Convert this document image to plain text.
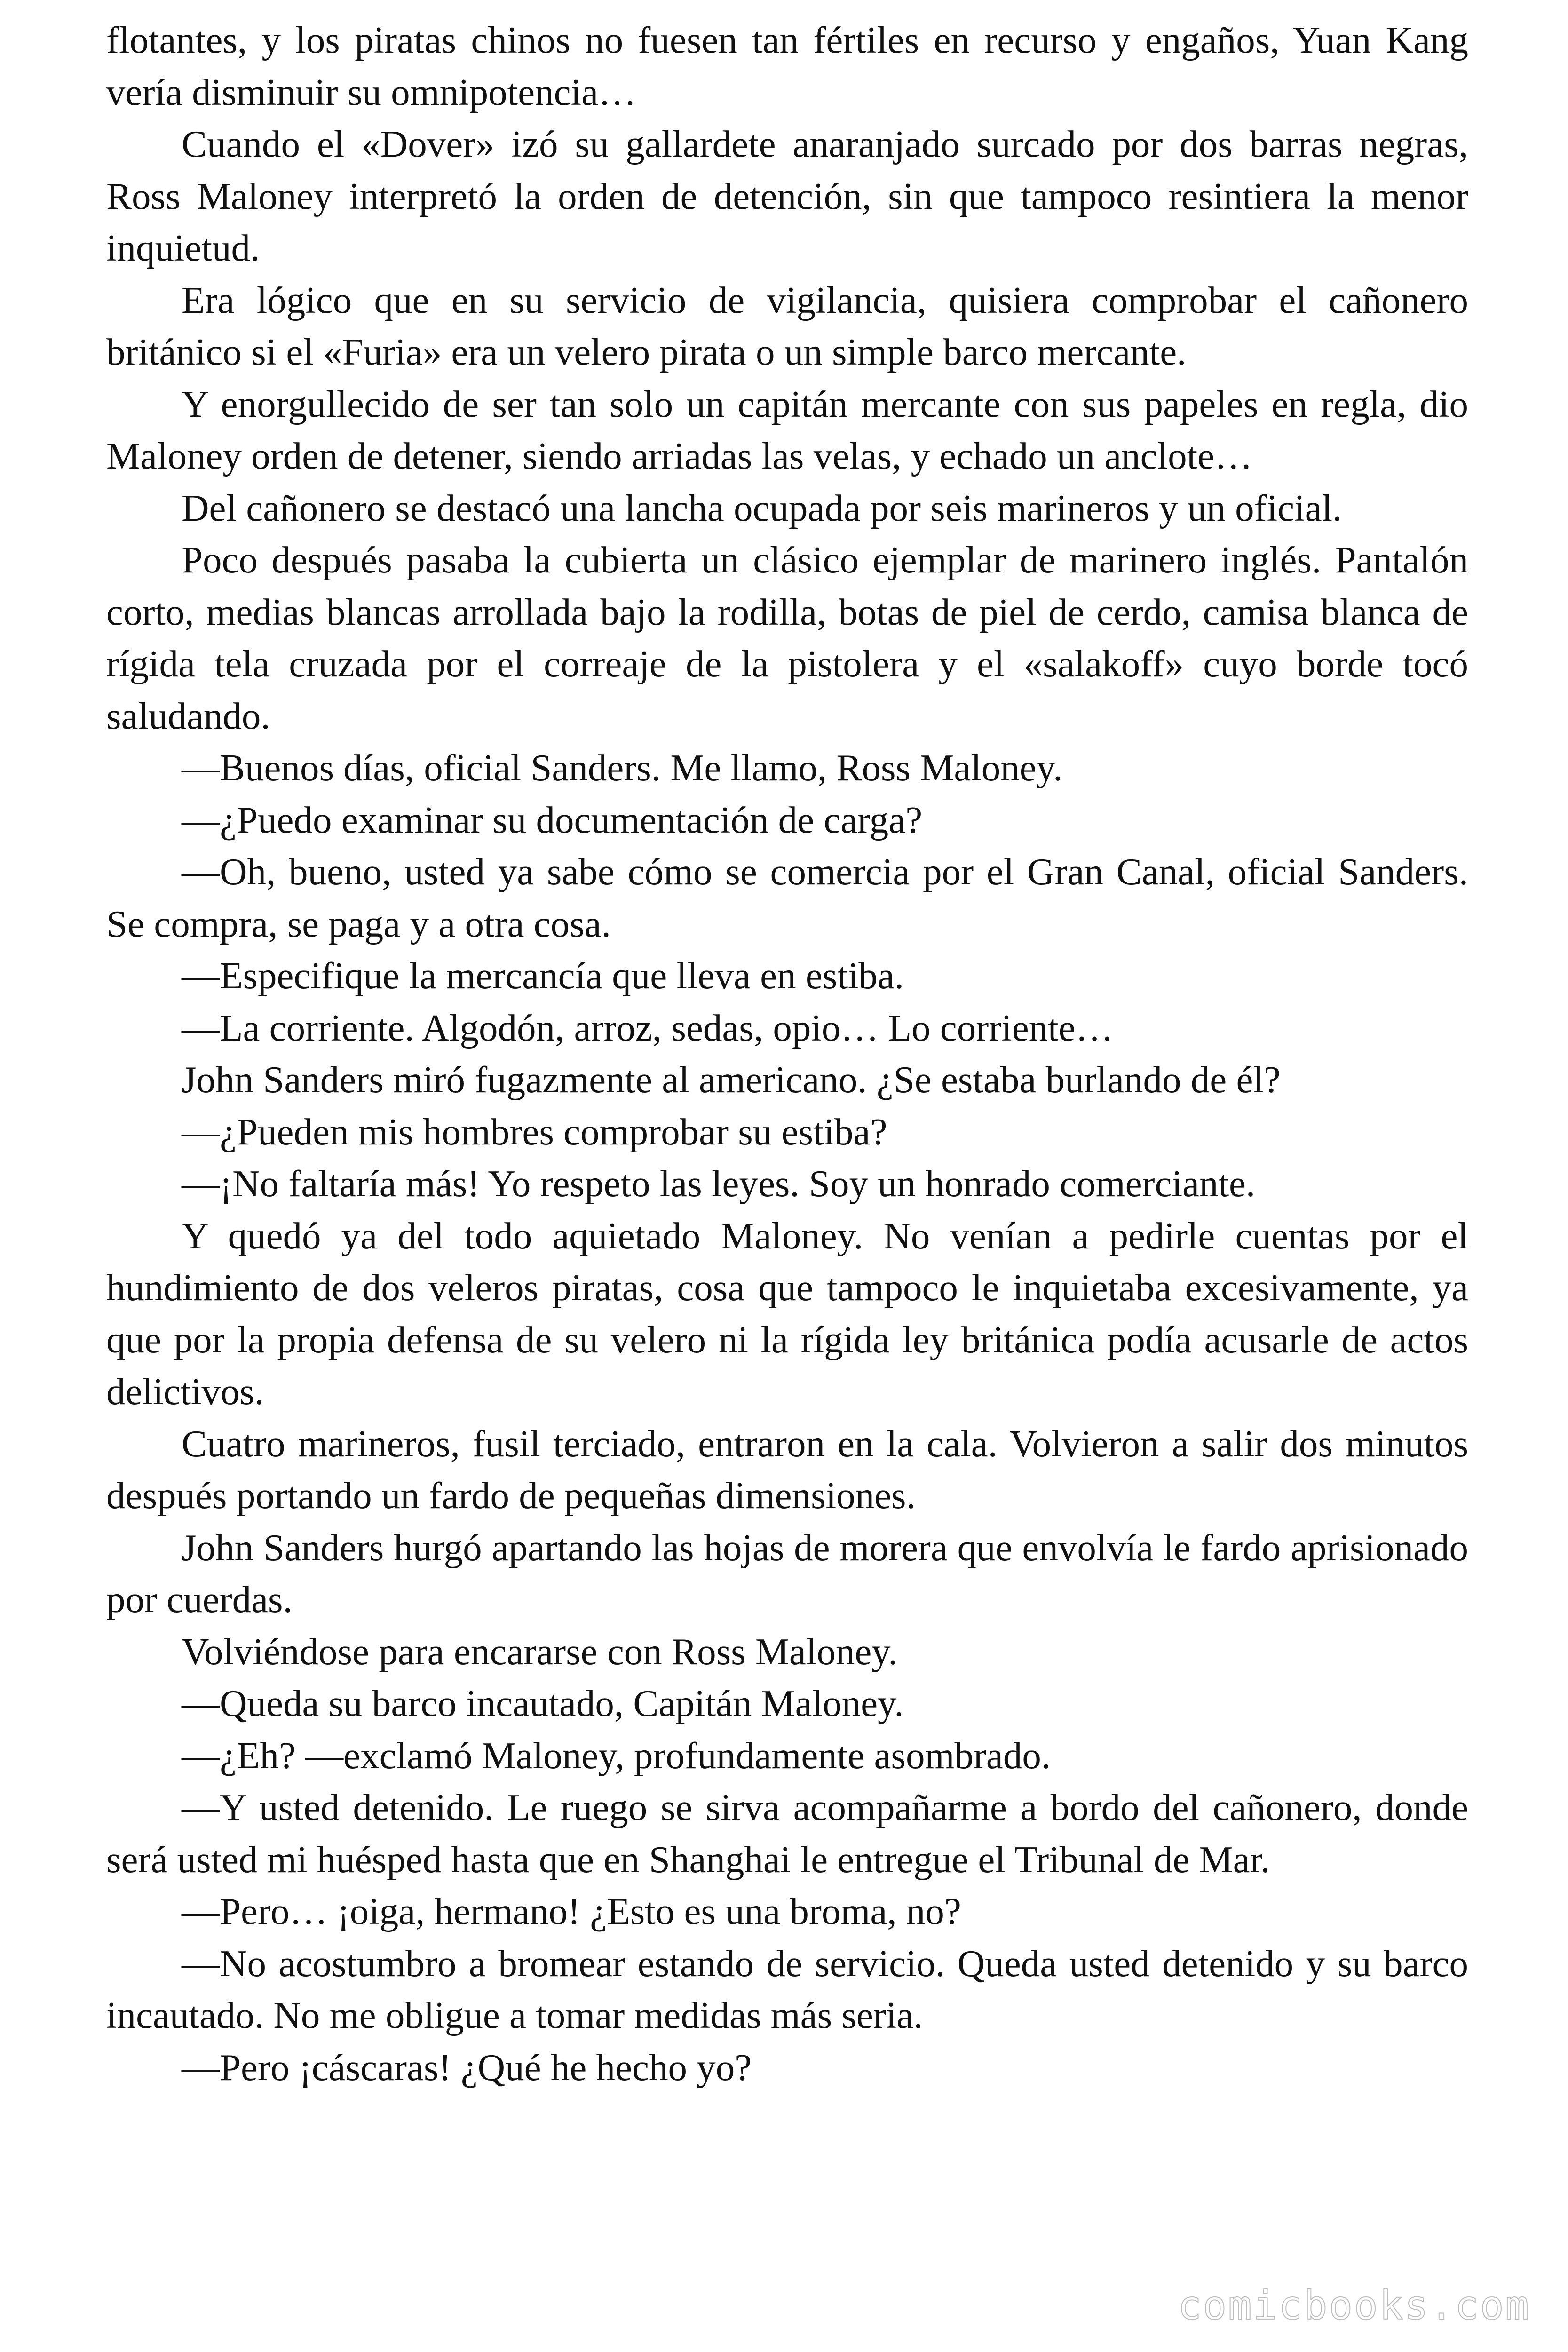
flotantes, y los piratas chinos no fuesen tan fértiles en recurso y engaños, Yuan Kang vería disminuir su omnipotencia…

Cuando el «Dover» izó su gallardete anaranjado surcado por dos barras negras, Ross Maloney interpretó la orden de detención, sin que tampoco resintiera la menor inquietud.

Era lógico que en su servicio de vigilancia, quisiera comprobar el cañonero británico si el «Furia» era un velero pirata o un simple barco mercante.

Y enorgullecido de ser tan solo un capitán mercante con sus papeles en regla, dio Maloney orden de detener, siendo arriadas las velas, y echado un anclote…

Del cañonero se destacó una lancha ocupada por seis marineros y un oficial.

Poco después pasaba la cubierta un clásico ejemplar de marinero inglés. Pantalón corto, medias blancas arrollada bajo la rodilla, botas de piel de cerdo, camisa blanca de rígida tela cruzada por el correaje de la pistolera y el «salakoff» cuyo borde tocó saludando.

—Buenos días, oficial Sanders. Me llamo, Ross Maloney.

—¿Puedo examinar su documentación de carga?

—Oh, bueno, usted ya sabe cómo se comercia por el Gran Canal, oficial Sanders. Se compra, se paga y a otra cosa.

—Especifique la mercancía que lleva en estiba.

—La corriente. Algodón, arroz, sedas, opio… Lo corriente…

John Sanders miró fugazmente al americano. ¿Se estaba burlando de él?

—¿Pueden mis hombres comprobar su estiba?

—¡No faltaría más! Yo respeto las leyes. Soy un honrado comerciante.

Y quedó ya del todo aquietado Maloney. No venían a pedirle cuentas por el hundimiento de dos veleros piratas, cosa que tampoco le inquietaba excesivamente, ya que por la propia defensa de su velero ni la rígida ley británica podía acusarle de actos delictivos.

Cuatro marineros, fusil terciado, entraron en la cala. Volvieron a salir dos minutos después portando un fardo de pequeñas dimensiones.

John Sanders hurgó apartando las hojas de morera que envolvía le fardo aprisionado por cuerdas.

Volviéndose para encararse con Ross Maloney.

—Queda su barco incautado, Capitán Maloney.

—¿Eh? —exclamó Maloney, profundamente asombrado.

—Y usted detenido. Le ruego se sirva acompañarme a bordo del cañonero, donde será usted mi huésped hasta que en Shanghai le entregue el Tribunal de Mar.

—Pero… ¡oiga, hermano! ¿Esto es una broma, no?

—No acostumbro a bromear estando de servicio. Queda usted detenido y su barco incautado. No me obligue a tomar medidas más seria.

—Pero ¡cáscaras! ¿Qué he hecho yo?

comicbooks.com
